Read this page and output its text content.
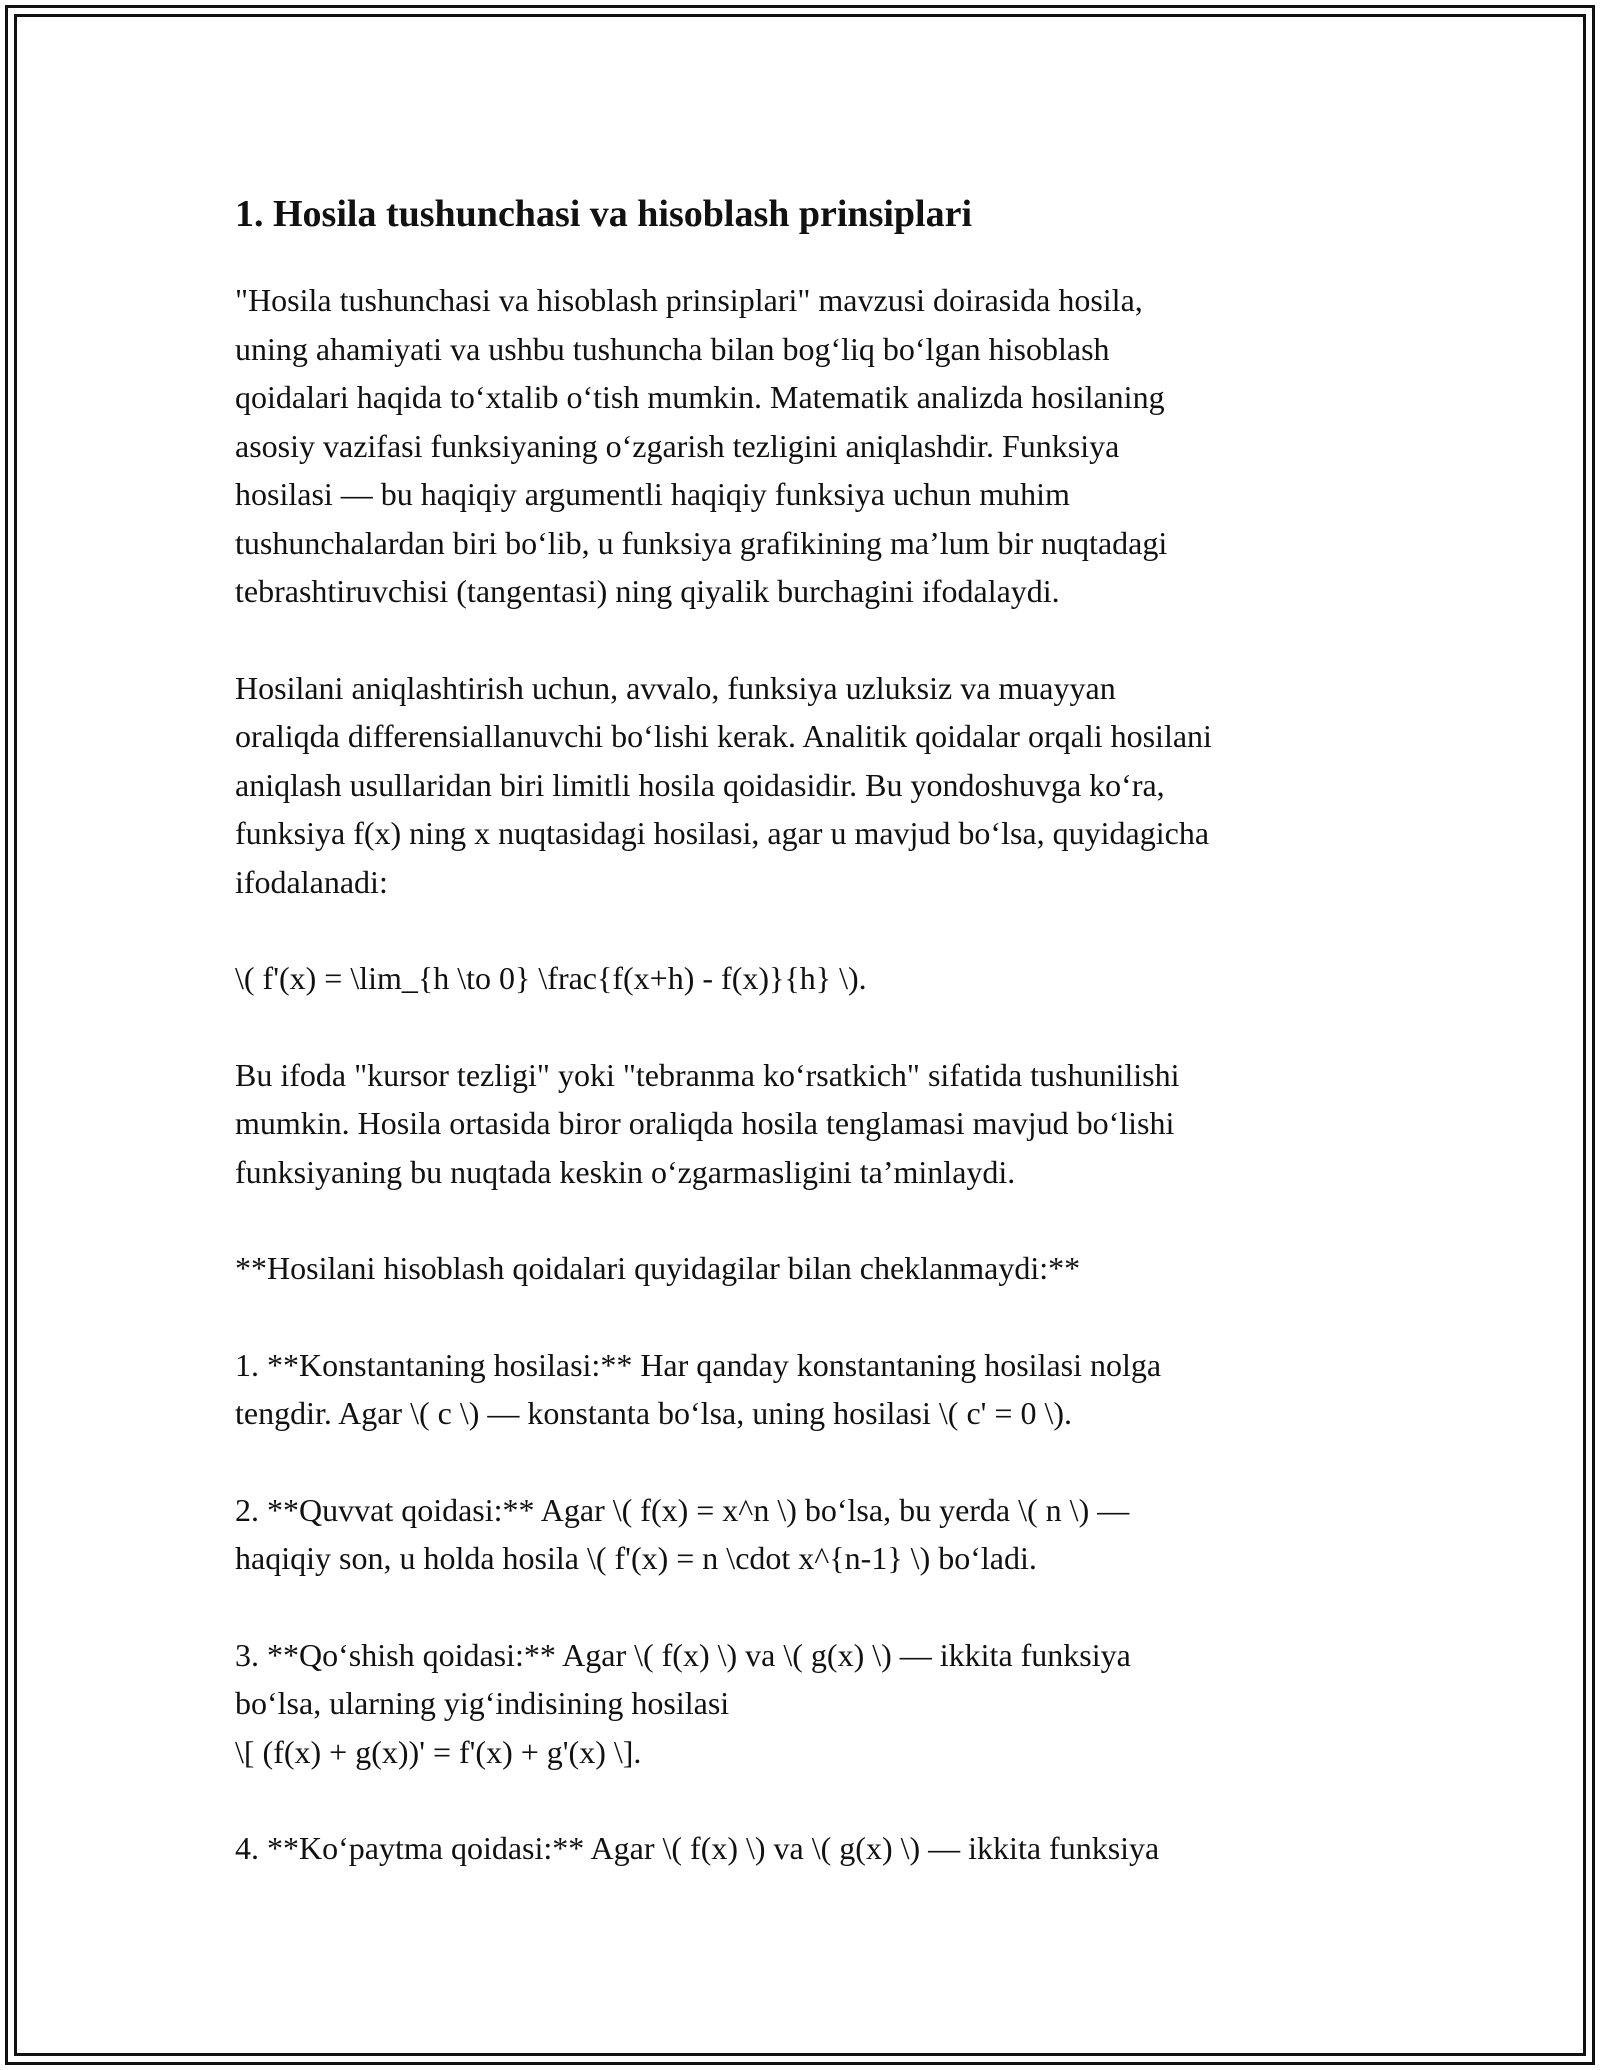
1. Hosila tushunchasi va hisoblash prinsiplari

"Hosila tushunchasi va hisoblash prinsiplari" mavzusi doirasida hosila,
uning ahamiyati va ushbu tushuncha bilan bog‘liq bo‘lgan hisoblash
qoidalari haqida to‘xtalib o‘tish mumkin. Matematik analizda hosilaning
asosiy vazifasi funksiyaning o‘zgarish tezligini aniqlashdir. Funksiya
hosilasi — bu haqiqiy argumentli haqiqiy funksiya uchun muhim
tushunchalardan biri bo‘lib, u funksiya grafikining ma’lum bir nuqtadagi
tebrashtiruvchisi (tangentasi) ning qiyalik burchagini ifodalaydi.

Hosilani aniqlashtirish uchun, avvalo, funksiya uzluksiz va muayyan
oraliqda differensiallanuvchi bo‘lishi kerak. Analitik qoidalar orqali hosilani
aniqlash usullaridan biri limitli hosila qoidasidir. Bu yondoshuvga ko‘ra,
funksiya f(x) ning x nuqtasidagi hosilasi, agar u mavjud bo‘lsa, quyidagicha
ifodalanadi:

\( f'(x) = \lim_{h \to 0} \frac{f(x+h) - f(x)}{h} \).

Bu ifoda "kursor tezligi" yoki "tebranma ko‘rsatkich" sifatida tushunilishi
mumkin. Hosila ortasida biror oraliqda hosila tenglamasi mavjud bo‘lishi
funksiyaning bu nuqtada keskin o‘zgarmasligini ta’minlaydi.

**Hosilani hisoblash qoidalari quyidagilar bilan cheklanmaydi:**

1. **Konstantaning hosilasi:** Har qanday konstantaning hosilasi nolga
tengdir. Agar \( c \) — konstanta bo‘lsa, uning hosilasi \( c' = 0 \).

2. **Quvvat qoidasi:** Agar \( f(x) = x^n \) bo‘lsa, bu yerda \( n \) —
haqiqiy son, u holda hosila \( f'(x) = n \cdot x^{n-1} \) bo‘ladi.

3. **Qo‘shish qoidasi:** Agar \( f(x) \) va \( g(x) \) — ikkita funksiya
bo‘lsa, ularning yig‘indisining hosilasi
\[ (f(x) + g(x))' = f'(x) + g'(x) \].

4. **Ko‘paytma qoidasi:** Agar \( f(x) \) va \( g(x) \) — ikkita funksiya
